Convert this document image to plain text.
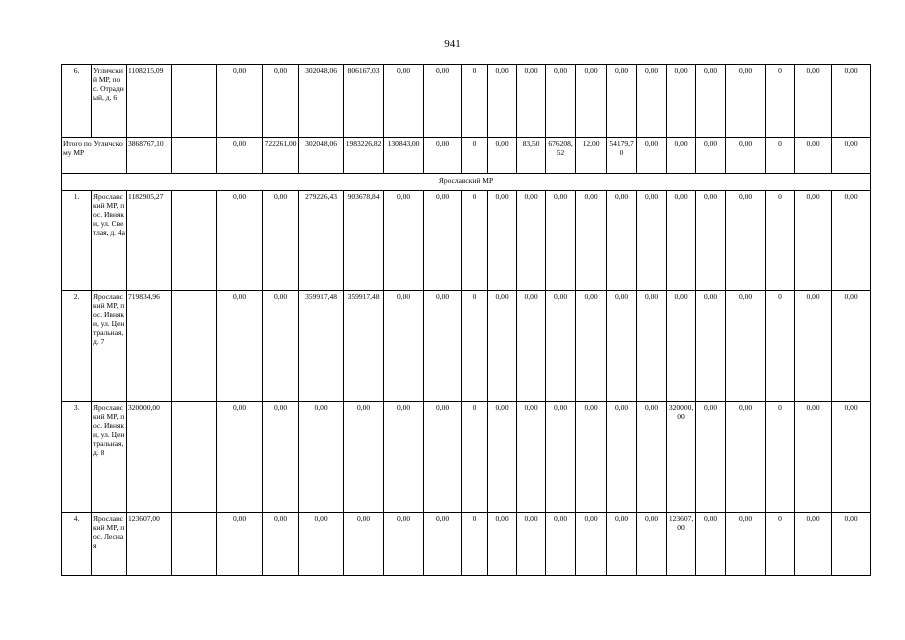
941
6.	Угличский МР, пос. Отрадный, д. 6	1108215,09		0,00	0,00	302048,06	806167,03	0,00	0,00	0	0,00	0,00	0,00	0,00	0,00	0,00	0,00	0,00	0,00	0	0,00	0,00
Итого по Угличскому МР		3868767,10		0,00	722261,00	302048,06	1983226,82	130843,00	0,00	0	0,00	83,50	676208,52	12,00	54179,70	0,00	0,00	0,00	0,00	0	0,00	0,00
Ярославский МР																						
1.	Ярославский МР, пос. Ивняки, ул. Светлая, д. 4а	1182905,27		0,00	0,00	279226,43	903678,84	0,00	0,00	0	0,00	0,00	0,00	0,00	0,00	0,00	0,00	0,00	0,00	0	0,00	0,00
2.	Ярославский МР, пос. Ивняки, ул. Центральная, д. 7	719834,96		0,00	0,00	359917,48	359917,48	0,00	0,00	0	0,00	0,00	0,00	0,00	0,00	0,00	0,00	0,00	0,00	0	0,00	0,00
3.	Ярославский МР, пос. Ивняки, ул. Центральная, д. 8	320000,00		0,00	0,00	0,00	0,00	0,00	0,00	0	0,00	0,00	0,00	0,00	0,00	0,00	320000,00	0,00	0,00	0	0,00	0,00
4.	Ярославский МР, пос. Лесная	123607,00		0,00	0,00	0,00	0,00	0,00	0,00	0	0,00	0,00	0,00	0,00	0,00	0,00	123607,00	0,00	0,00	0	0,00	0,00
